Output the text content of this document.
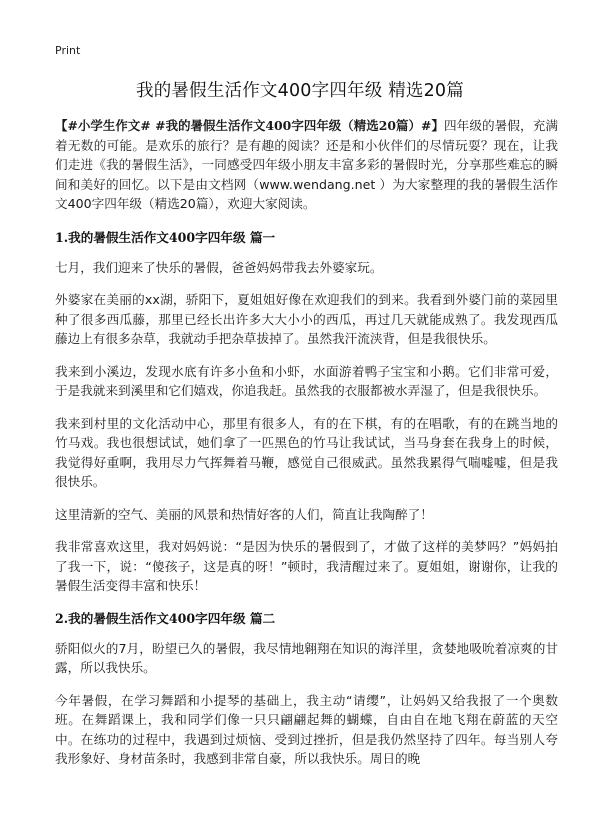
Print
我的暑假生活作文400字四年级 精选20篇

【#小学生作文# #我的暑假生活作文400字四年级（精选20篇）#】四年级的暑假，充满着无数的可能。是欢乐的旅行？是有趣的阅读？还是和小伙伴们的尽情玩耍？现在，让我们走进《我的暑假生活》，一同感受四年级小朋友丰富多彩的暑假时光，分享那些难忘的瞬间和美好的回忆。以下是由文档网（www.wendang.net ）为大家整理的我的暑假生活作文400字四年级（精选20篇），欢迎大家阅读。

1.我的暑假生活作文400字四年级 篇一

七月，我们迎来了快乐的暑假，爸爸妈妈带我去外婆家玩。

外婆家在美丽的xx湖，骄阳下，夏姐姐好像在欢迎我们的到来。我看到外婆门前的菜园里种了很多西瓜藤，那里已经长出许多大大小小的西瓜，再过几天就能成熟了。我发现西瓜藤边上有很多杂草，我就动手把杂草拔掉了。虽然我汗流浃背，但是我很快乐。

我来到小溪边，发现水底有许多小鱼和小虾，水面游着鸭子宝宝和小鹅。它们非常可爱，于是我就来到溪里和它们嬉戏，你追我赶。虽然我的衣服都被水弄湿了，但是我很快乐。

我来到村里的文化活动中心，那里有很多人，有的在下棋，有的在唱歌，有的在跳当地的竹马戏。我也很想试试，她们拿了一匹黑色的竹马让我试试，当马身套在我身上的时候，我觉得好重啊，我用尽力气挥舞着马鞭，感觉自己很威武。虽然我累得气喘嘘嘘，但是我很快乐。

这里清新的空气、美丽的风景和热情好客的人们，简直让我陶醉了！

我非常喜欢这里，我对妈妈说：“是因为快乐的暑假到了，才做了这样的美梦吗？”妈妈拍了我一下，说：“傻孩子，这是真的呀！”顿时，我清醒过来了。夏姐姐，谢谢你，让我的暑假生活变得丰富和快乐！

2.我的暑假生活作文400字四年级 篇二

骄阳似火的7月，盼望已久的暑假，我尽情地翱翔在知识的海洋里，贪婪地吸吮着凉爽的甘露，所以我快乐。

今年暑假，在学习舞蹈和小提琴的基础上，我主动“请缨”，让妈妈又给我报了一个奥数班。在舞蹈课上，我和同学们像一只只翩翩起舞的蝴蝶，自由自在地飞翔在蔚蓝的天空中。在练功的过程中，我遇到过烦恼、受到过挫折，但是我仍然坚持了四年。每当别人夸我形象好、身材苗条时，我感到非常自豪，所以我快乐。周日的晚
